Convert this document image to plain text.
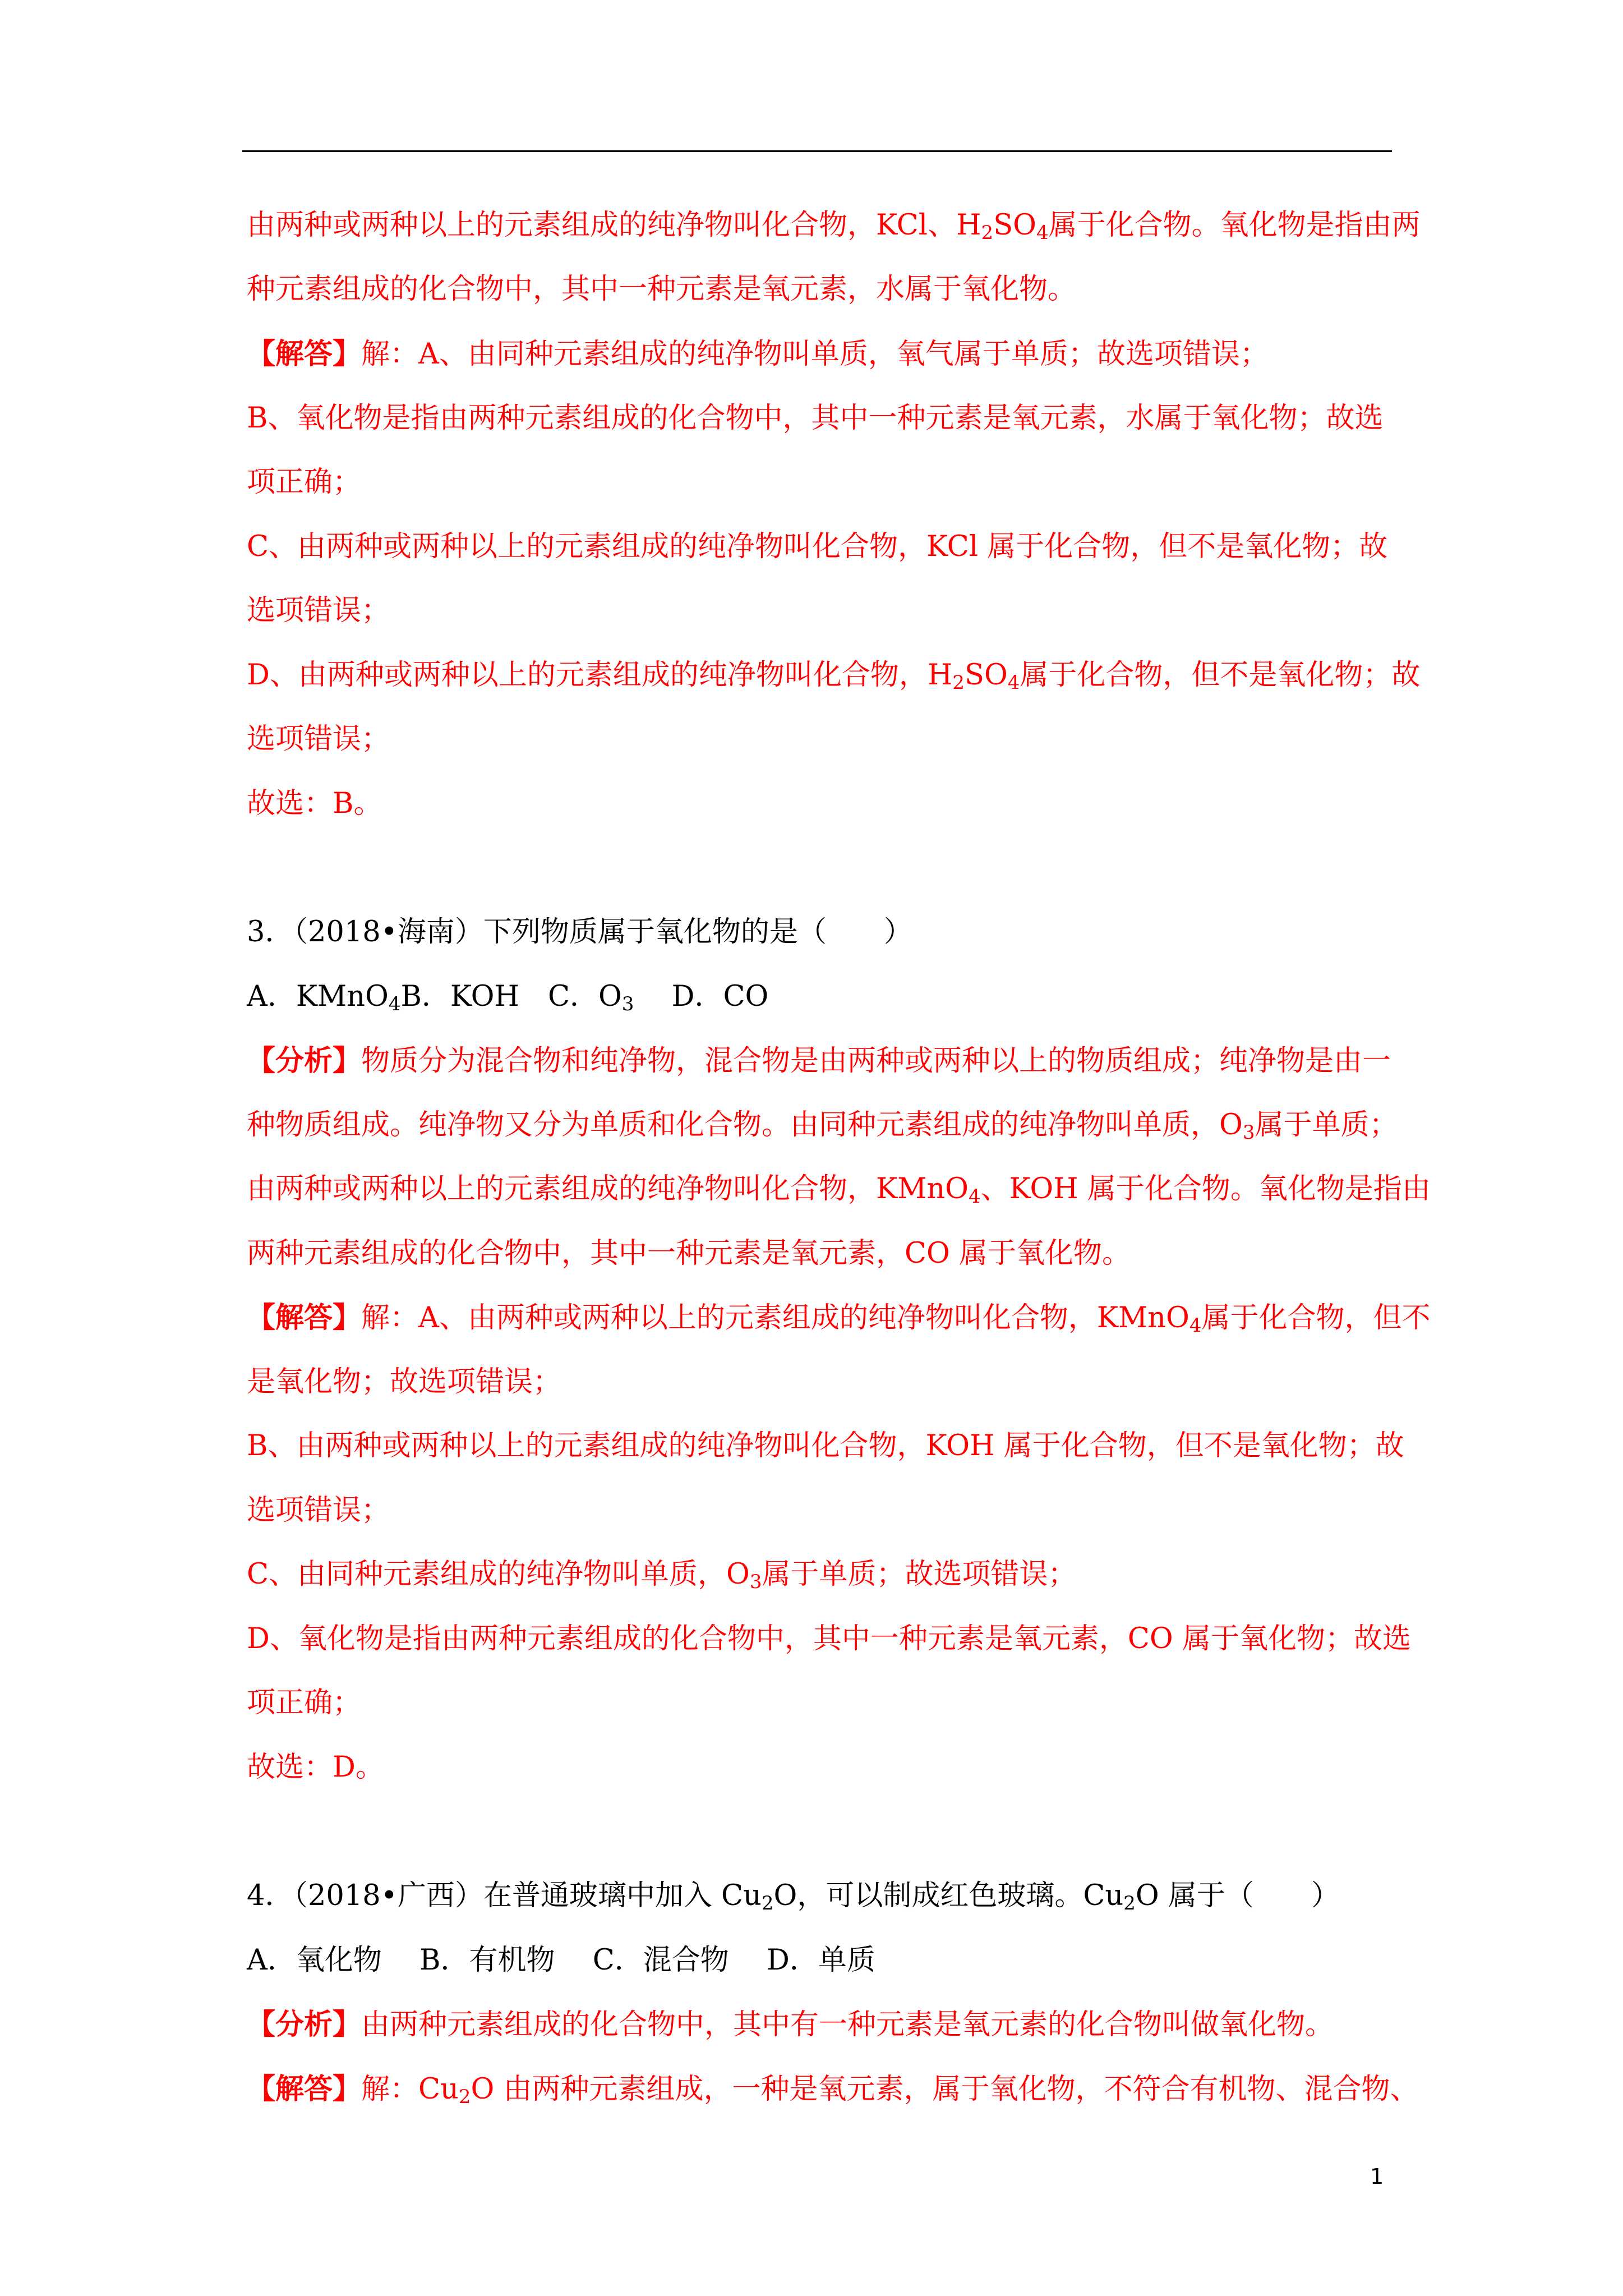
由两种或两种以上的元素组成的纯净物叫化合物，KCl、$H_2SO_4$属于化合物。氧化物是指由两
种元素组成的化合物中，其中一种元素是氧元素，水属于氧化物。
【解答】解：A、由同种元素组成的纯净物叫单质，氧气属于单质；故选项错误；
B、氧化物是指由两种元素组成的化合物中，其中一种元素是氧元素，水属于氧化物；故选
项正确；
C、由两种或两种以上的元素组成的纯净物叫化合物，KCl 属于化合物，但不是氧化物；故
选项错误；
D、由两种或两种以上的元素组成的纯净物叫化合物，$H_2SO_4$属于化合物，但不是氧化物；故
选项错误；
故选：B。
3．（2018•海南）下列物质属于氧化物的是（　　）
A．KMnO$_4$B．KOH　C．$O_3$　 D．CO
【分析】物质分为混合物和纯净物，混合物是由两种或两种以上的物质组成；纯净物是由一
种物质组成。纯净物又分为单质和化合物。由同种元素组成的纯净物叫单质，$O_3$属于单质；
由两种或两种以上的元素组成的纯净物叫化合物，KMnO$_4$、KOH 属于化合物。氧化物是指由
两种元素组成的化合物中，其中一种元素是氧元素，CO 属于氧化物。
【解答】解：A、由两种或两种以上的元素组成的纯净物叫化合物，KMnO$_4$属于化合物，但不
是氧化物；故选项错误；
B、由两种或两种以上的元素组成的纯净物叫化合物，KOH 属于化合物，但不是氧化物；故
选项错误；
C、由同种元素组成的纯净物叫单质，$O_3$属于单质；故选项错误；
D、氧化物是指由两种元素组成的化合物中，其中一种元素是氧元素，CO 属于氧化物；故选
项正确；
故选：D。
4．（2018•广西）在普通玻璃中加入 $Cu_2O$，可以制成红色玻璃。$Cu_2O$ 属于（　　）
A．氧化物　 B．有机物　 C．混合物　 D．单质
【分析】由两种元素组成的化合物中，其中有一种元素是氧元素的化合物叫做氧化物。
【解答】解：$Cu_2O$ 由两种元素组成，一种是氧元素，属于氧化物，不符合有机物、混合物、
1
